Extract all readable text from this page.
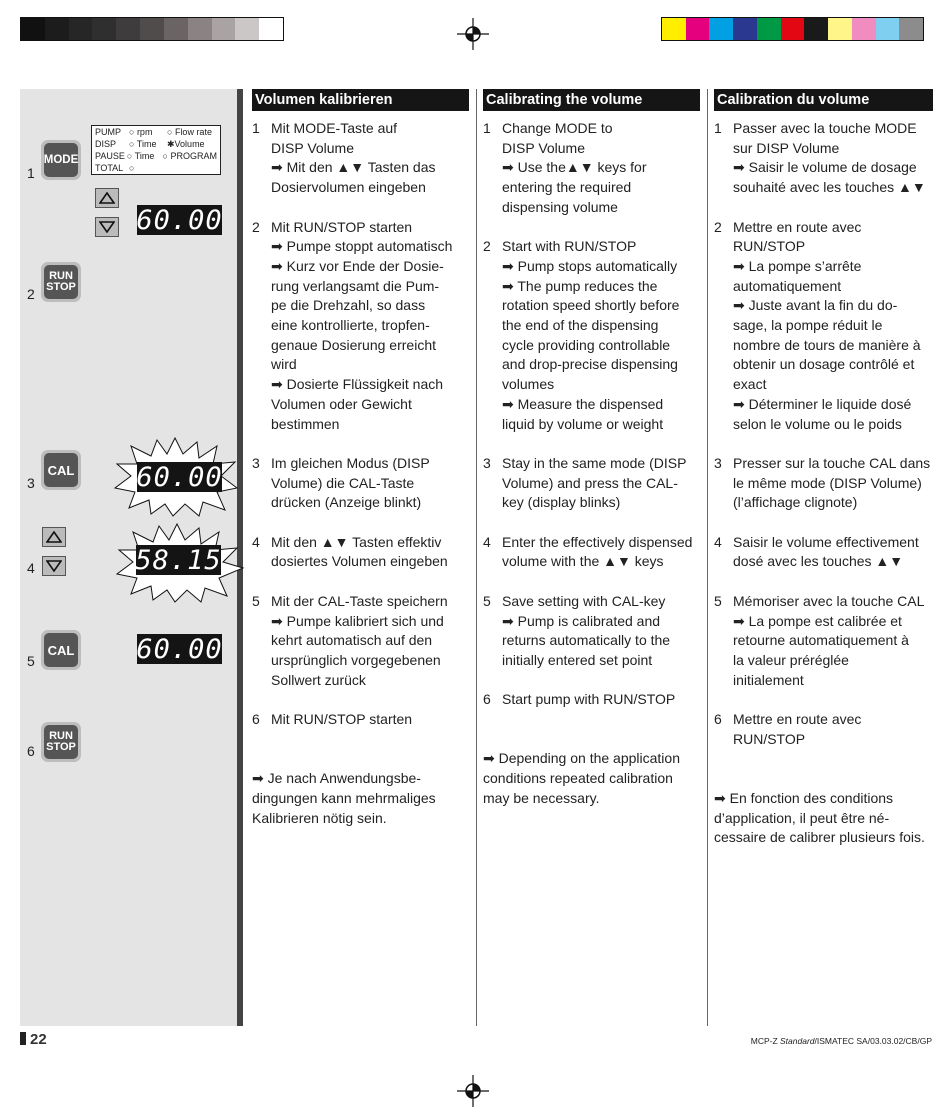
PUMP ○ rpm	○ Flow rate
DISP	○ Time	✱Volume
PAUSE ○ Time ○ PROGRAM
TOTAL ○
1
MODE
60.00
2
RUN
STOP
3
CAL 60.00
4	58.15
5
CAL 60.00
6
RUN
STOP
Volumen kalibrieren
1 Mit MODE-Taste auf
DISP Volume
➡ Mit den ▲▼ Tasten das
Dosiervolumen eingeben
2 Mit RUN/STOP starten
➡ Pumpe stoppt automatisch
➡ Kurz vor Ende der Dosie-
rung verlangsamt die Pum-
pe die Drehzahl, so dass
eine kontrollierte, tropfen-
genaue Dosierung erreicht
wird
➡ Dosierte Flüssigkeit nach
Volumen oder Gewicht
bestimmen
3 Im gleichen Modus (DISP
Volume) die CAL-Taste
drücken (Anzeige blinkt)
4 Mit den ▲▼ Tasten effektiv
dosiertes Volumen eingeben
5 Mit der CAL-Taste speichern
➡ Pumpe kalibriert sich und
kehrt automatisch auf den
ursprünglich vorgegebenen
Sollwert zurück
6 Mit RUN/STOP starten
➡ Je nach Anwendungsbe-
dingungen kann mehrmaliges
Kalibrieren nötig sein.
Calibrating the volume
1 Change MODE to
DISP Volume
➡ Use the▲▼ keys for
entering the required
dispensing volume
2 Start with RUN/STOP
➡ Pump stops automatically
➡ The pump reduces the
rotation speed shortly before
the end of the dispensing
cycle providing controllable
and drop-precise dispensing
volumes
➡ Measure the dispensed
liquid by volume or weight
3 Stay in the same mode (DISP
Volume) and press the CAL-
key (display blinks)
4 Enter the effectively dispensed
volume with the ▲▼ keys
5 Save setting with CAL-key
➡ Pump is calibrated and
returns automatically to the
initially entered set point
6 Start pump with RUN/STOP
➡ Depending on the application
conditions repeated calibration
may be necessary.
Calibration du volume
1 Passer avec la touche MODE
sur DISP Volume
➡ Saisir le volume de dosage
souhaité avec les touches ▲▼
2 Mettre en route avec RUN/STOP
➡ La pompe s’arrête
automatiquement
➡ Juste avant la fin du do-
sage, la pompe réduit le
nombre de tours de manière à
obtenir un dosage contrôlé et
exact
➡ Déterminer le liquide dosé
selon le volume ou le poids
3 Presser sur la touche CAL dans
le même mode (DISP Volume)
(l’affichage clignote)
4 Saisir le volume effectivement
dosé avec les touches ▲▼
5 Mémoriser avec la touche CAL
➡ La pompe est calibrée et
retourne automatiquement à
la valeur préréglée
initialement
6 Mettre en route avec RUN/STOP
➡ En fonction des conditions
d’application, il peut être né-
cessaire de calibrer plusieurs fois.
22	MCP-Z Standard/ISMATEC SA/03.03.02/CB/GP
